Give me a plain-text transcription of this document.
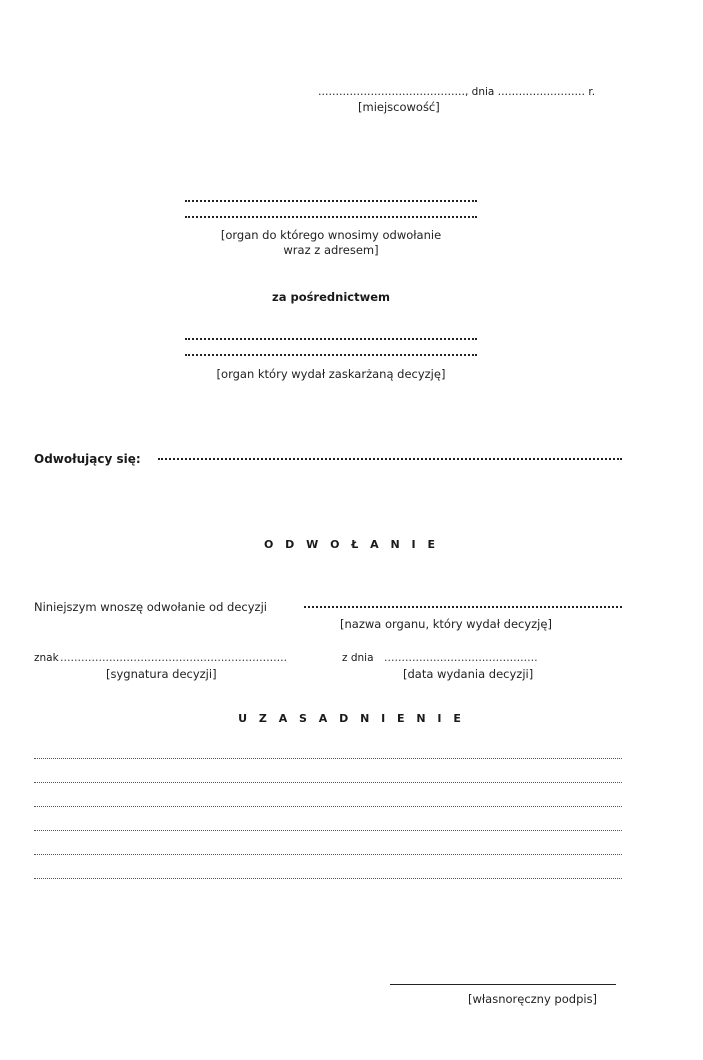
……………………………………, dnia …………….……… r.
[miejscowość]
[organ do którego wnosimy odwołanie
wraz z adresem]
za pośrednictwem
[organ który wydał zaskarżaną decyzję]
Odwołujący się:
O D W O Ł A N I E
Niniejszym wnoszę odwołanie od decyzji
[nazwa organu, który wydał decyzję]
znak …………….………………………….………………	z dnia …………….………….……………
[sygnatura decyzji]	[data wydania decyzji]
U Z A S A D N I E N I E
[własnoręczny podpis]
